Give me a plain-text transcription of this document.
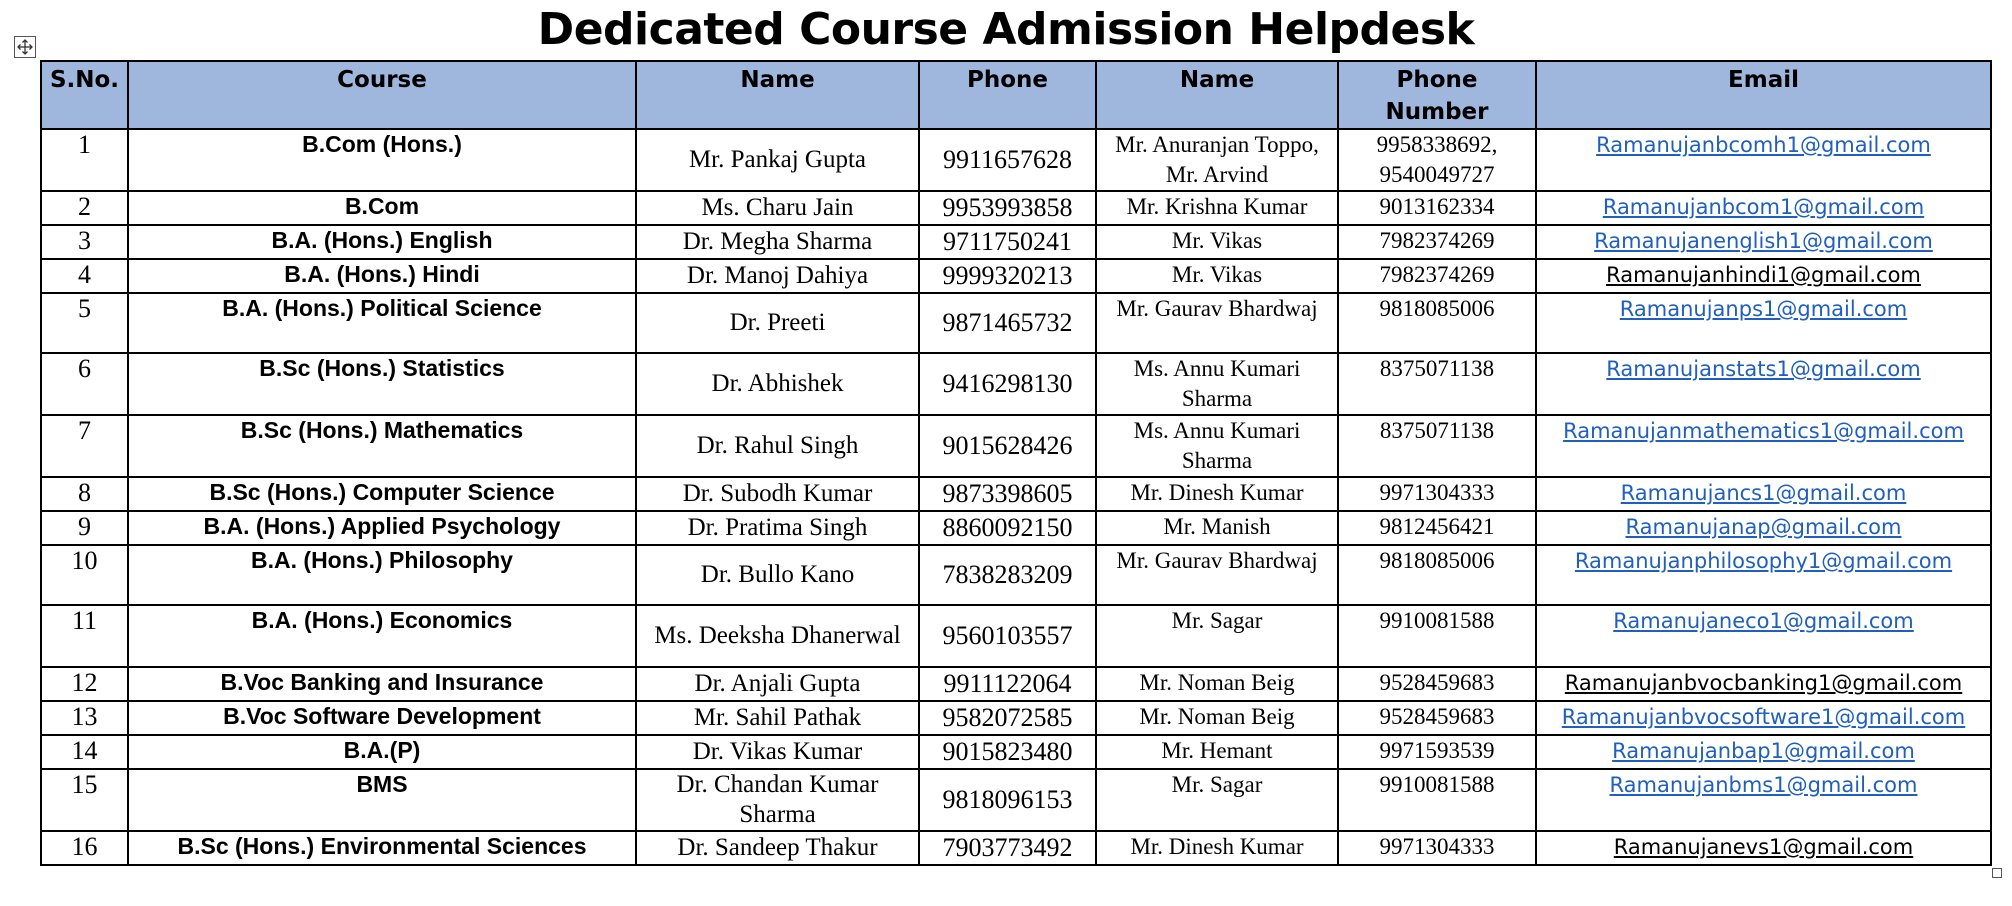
Dedicated Course Admission Helpdesk
S.No.	Course	Name	Phone	Name	Phone Number	Email
1	B.Com (Hons.)	Mr. Pankaj Gupta	9911657628	Mr. Anuranjan Toppo, Mr. Arvind	9958338692, 9540049727	Ramanujanbcomh1@gmail.com
2	B.Com	Ms. Charu Jain	9953993858	Mr. Krishna Kumar	9013162334	Ramanujanbcom1@gmail.com
3	B.A. (Hons.) English	Dr. Megha Sharma	9711750241	Mr. Vikas	7982374269	Ramanujanenglish1@gmail.com
4	B.A. (Hons.) Hindi	Dr. Manoj Dahiya	9999320213	Mr. Vikas	7982374269	Ramanujanhindi1@gmail.com
5	B.A. (Hons.) Political Science	Dr. Preeti	9871465732	Mr. Gaurav Bhardwaj	9818085006	Ramanujanps1@gmail.com
6	B.Sc (Hons.) Statistics	Dr. Abhishek	9416298130	Ms. Annu Kumari Sharma	8375071138	Ramanujanstats1@gmail.com
7	B.Sc (Hons.) Mathematics	Dr. Rahul Singh	9015628426	Ms. Annu Kumari Sharma	8375071138	Ramanujanmathematics1@gmail.com
8	B.Sc (Hons.) Computer Science	Dr. Subodh Kumar	9873398605	Mr. Dinesh Kumar	9971304333	Ramanujancs1@gmail.com
9	B.A. (Hons.) Applied Psychology	Dr. Pratima Singh	8860092150	Mr. Manish	9812456421	Ramanujanap@gmail.com
10	B.A. (Hons.) Philosophy	Dr. Bullo Kano	7838283209	Mr. Gaurav Bhardwaj	9818085006	Ramanujanphilosophy1@gmail.com
11	B.A. (Hons.) Economics	Ms. Deeksha Dhanerwal	9560103557	Mr. Sagar	9910081588	Ramanujaneco1@gmail.com
12	B.Voc Banking and Insurance	Dr. Anjali Gupta	9911122064	Mr. Noman Beig	9528459683	Ramanujanbvocbanking1@gmail.com
13	B.Voc Software Development	Mr. Sahil Pathak	9582072585	Mr. Noman Beig	9528459683	Ramanujanbvocsoftware1@gmail.com
14	B.A.(P)	Dr. Vikas Kumar	9015823480	Mr. Hemant	9971593539	Ramanujanbap1@gmail.com
15	BMS	Dr. Chandan Kumar Sharma	9818096153	Mr. Sagar	9910081588	Ramanujanbms1@gmail.com
16	B.Sc (Hons.) Environmental Sciences	Dr. Sandeep Thakur	7903773492	Mr. Dinesh Kumar	9971304333	Ramanujanevs1@gmail.com
